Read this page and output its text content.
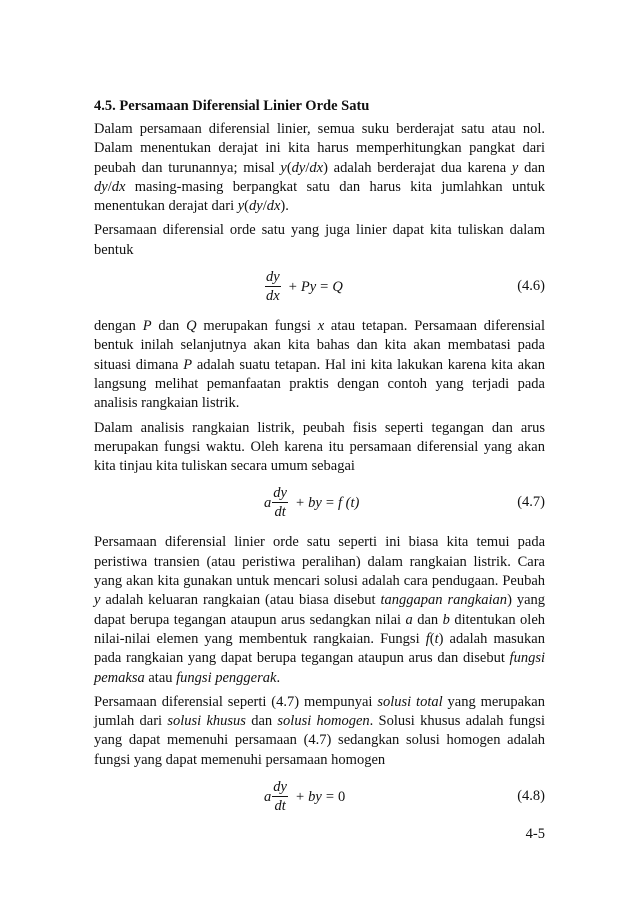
4.5. Persamaan Diferensial Linier Orde Satu

Dalam persamaan diferensial linier, semua suku berderajat satu atau nol. Dalam menentukan derajat ini kita harus memperhitungkan pangkat dari peubah dan turunannya; misal y(dy/dx) adalah berderajat dua karena y dan dy/dx masing-masing berpangkat satu dan harus kita jumlahkan untuk menentukan derajat dari y(dy/dx).

Persamaan diferensial orde satu yang juga linier dapat kita tuliskan dalam bentuk

$\frac{dy}{dx} + P$ y = Q	(4.6)

dengan P dan Q merupakan fungsi x atau tetapan. Persamaan diferensial bentuk inilah selanjutnya akan kita bahas dan kita akan membatasi pada situasi dimana P adalah suatu tetapan. Hal ini kita lakukan karena kita akan langsung melihat pemanfaatan praktis dengan contoh yang terjadi pada analisis rangkaian listrik.

Dalam analisis rangkaian listrik, peubah fisis seperti tegangan dan arus merupakan fungsi waktu. Oleh karena itu persamaan diferensial yang akan kita tinjau kita tuliskan secara umum sebagai

a $\frac{dy}{dt}$ + by = f (t)	(4.7)

Persamaan diferensial linier orde satu seperti ini biasa kita temui pada peristiwa transien (atau peristiwa peralihan) dalam rangkaian listrik. Cara yang akan kita gunakan untuk mencari solusi adalah cara pendugaan. Peubah y adalah keluaran rangkaian (atau biasa disebut tanggapan rangkaian) yang dapat berupa tegangan ataupun arus sedangkan nilai a dan b ditentukan oleh nilai-nilai elemen yang membentuk rangkaian. Fungsi f(t) adalah masukan pada rangkaian yang dapat berupa tegangan ataupun arus dan disebut fungsi pemaksa atau fungsi penggerak.

Persamaan diferensial seperti (4.7) mempunyai solusi total yang merupakan jumlah dari solusi khusus dan solusi homogen. Solusi khusus adalah fungsi yang dapat memenuhi persamaan (4.7) sedangkan solusi homogen adalah fungsi yang dapat memenuhi persamaan homogen

a $\frac{dy}{dt}$ + by = 0	(4.8)
4-5
